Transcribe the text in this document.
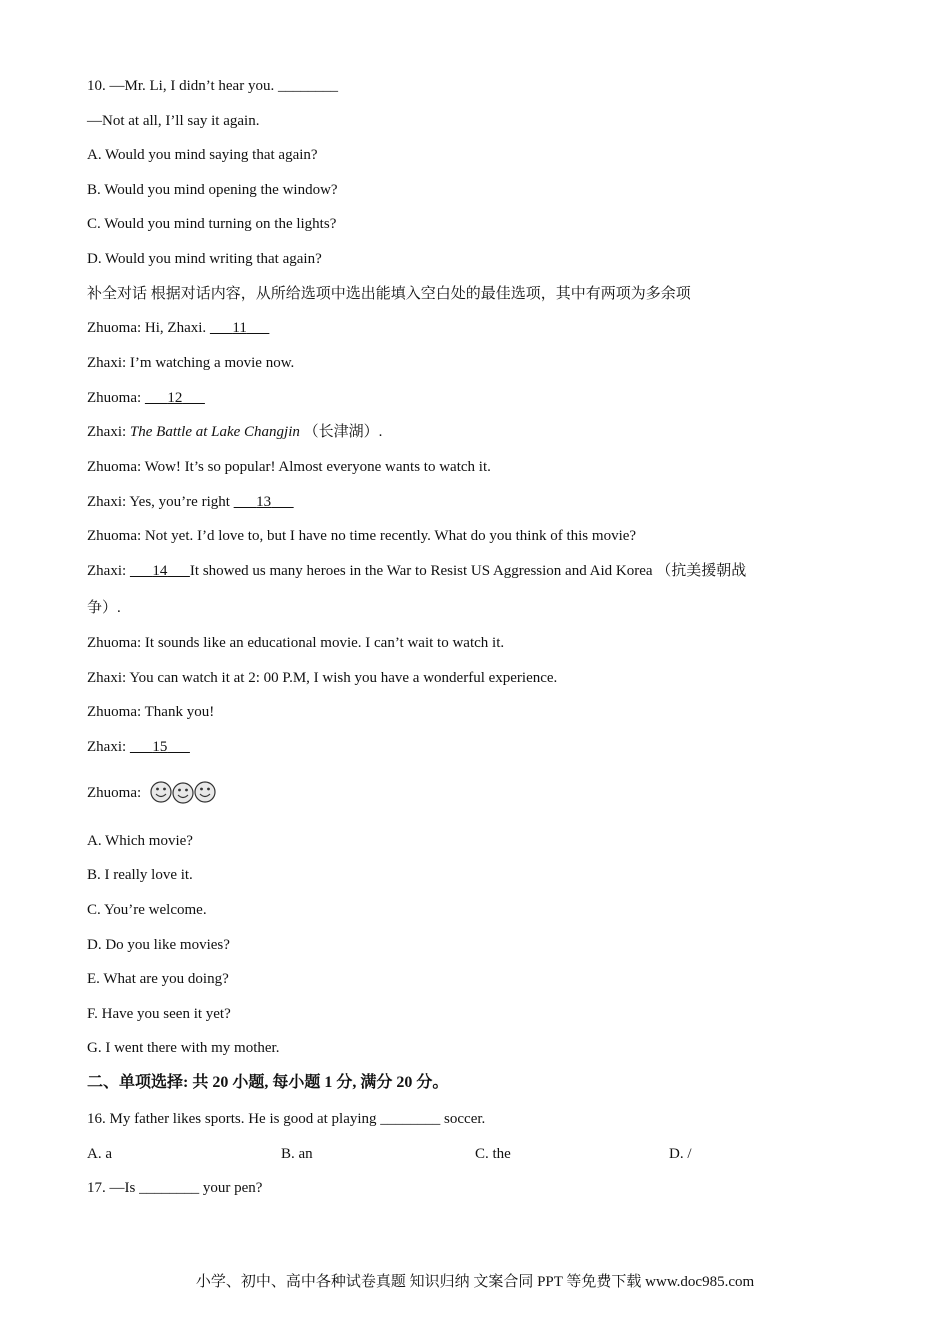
10. —Mr. Li, I didn’t hear you. ________
—Not at all, I’ll say it again.
A. Would you mind saying that again?
B. Would you mind opening the window?
C. Would you mind turning on the lights?
D. Would you mind writing that again?
补全对话 根据对话内容，从所给选项中选出能填入空白处的最佳选项，其中有两项为多余项
Zhuoma: Hi, Zhaxi. 11
Zhaxi: I’m watching a movie now.
Zhuoma: 12
Zhaxi: The Battle at Lake Changjin （长津湖）.
Zhuoma: Wow! It’s so popular! Almost everyone wants to watch it.
Zhaxi: Yes, you’re right 13
Zhuoma: Not yet. I’d love to, but I have no time recently. What do you think of this movie?
Zhaxi: 14 It showed us many heroes in the War to Resist US Aggression and Aid Korea （抗美援朝战
争）.
Zhuoma: It sounds like an educational movie. I can’t wait to watch it.
Zhaxi: You can watch it at 2: 00 P.M, I wish you have a wonderful experience.
Zhuoma: Thank you!
Zhaxi: 15
Zhuoma:
A. Which movie?
B. I really love it.
C. You’re welcome.
D. Do you like movies?
E. What are you doing?
F. Have you seen it yet?
G. I went there with my mother.
二、单项选择: 共 20 小题, 每小题 1 分, 满分 20 分。
16. My father likes sports. He is good at playing ________ soccer.
A. a	B. an	C. the	D. /
17. —Is ________ your pen?
小学、初中、高中各种试卷真题 知识归纳 文案合同 PPT 等免费下载 www.doc985.com
